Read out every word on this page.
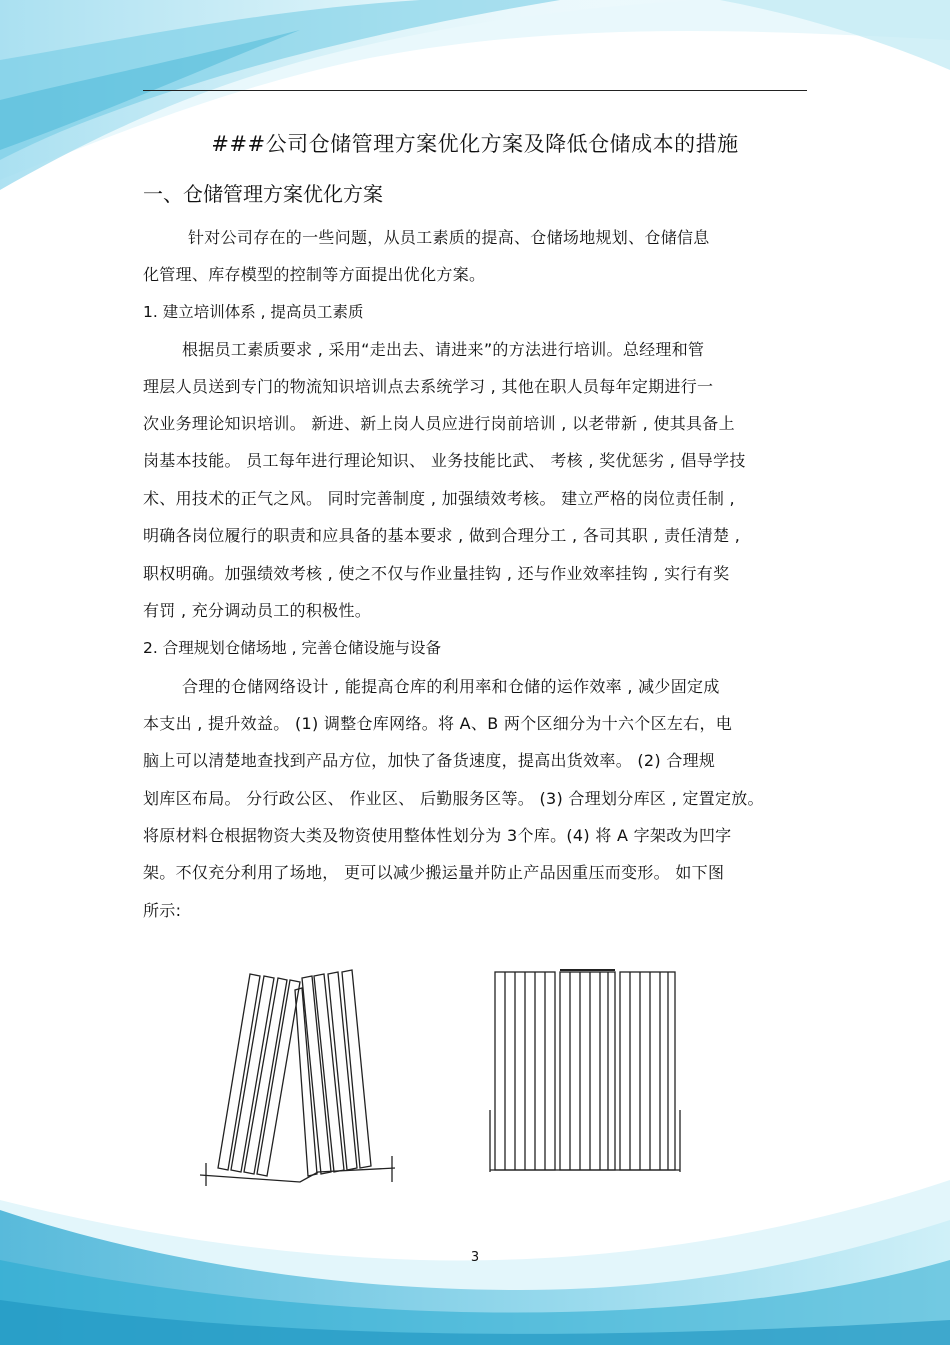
###公司仓储管理方案优化方案及降低仓储成本的措施
一、仓储管理方案优化方案

针对公司存在的一些问题，从员工素质的提高、仓储场地规划、仓储信息

化管理、库存模型的控制等方面提出优化方案。

1. 建立培训体系 , 提高员工素质

根据员工素质要求 , 采用“走出去、请进来”的方法进行培训。总经理和管

理层人员送到专门的物流知识培训点去系统学习 , 其他在职人员每年定期进行一

次业务理论知识培训。 新进、新上岗人员应进行岗前培训 , 以老带新 , 使其具备上

岗基本技能。 员工每年进行理论知识、 业务技能比武、 考核 , 奖优惩劣 , 倡导学技

术、用技术的正气之风。 同时完善制度 , 加强绩效考核。 建立严格的岗位责任制 ,

明确各岗位履行的职责和应具备的基本要求 , 做到合理分工 , 各司其职 , 责任清楚 ,

职权明确。加强绩效考核 , 使之不仅与作业量挂钩 , 还与作业效率挂钩 , 实行有奖

有罚 , 充分调动员工的积极性。

2. 合理规划仓储场地 , 完善仓储设施与设备

合理的仓储网络设计 , 能提高仓库的利用率和仓储的运作效率 , 减少固定成

本支出 , 提升效益。 (1) 调整仓库网络。将 A、B 两个区细分为十六个区左右，电

脑上可以清楚地查找到产品方位，加快了备货速度，提高出货效率。 (2) 合理规

划库区布局。 分行政公区、 作业区、 后勤服务区等。 (3) 合理划分库区 , 定置定放。

将原材料仓根据物资大类及物资使用整体性划分为 3个库。(4) 将 A 字架改为凹字

架。不仅充分利用了场地， 更可以减少搬运量并防止产品因重压而变形。 如下图

所示:

3
